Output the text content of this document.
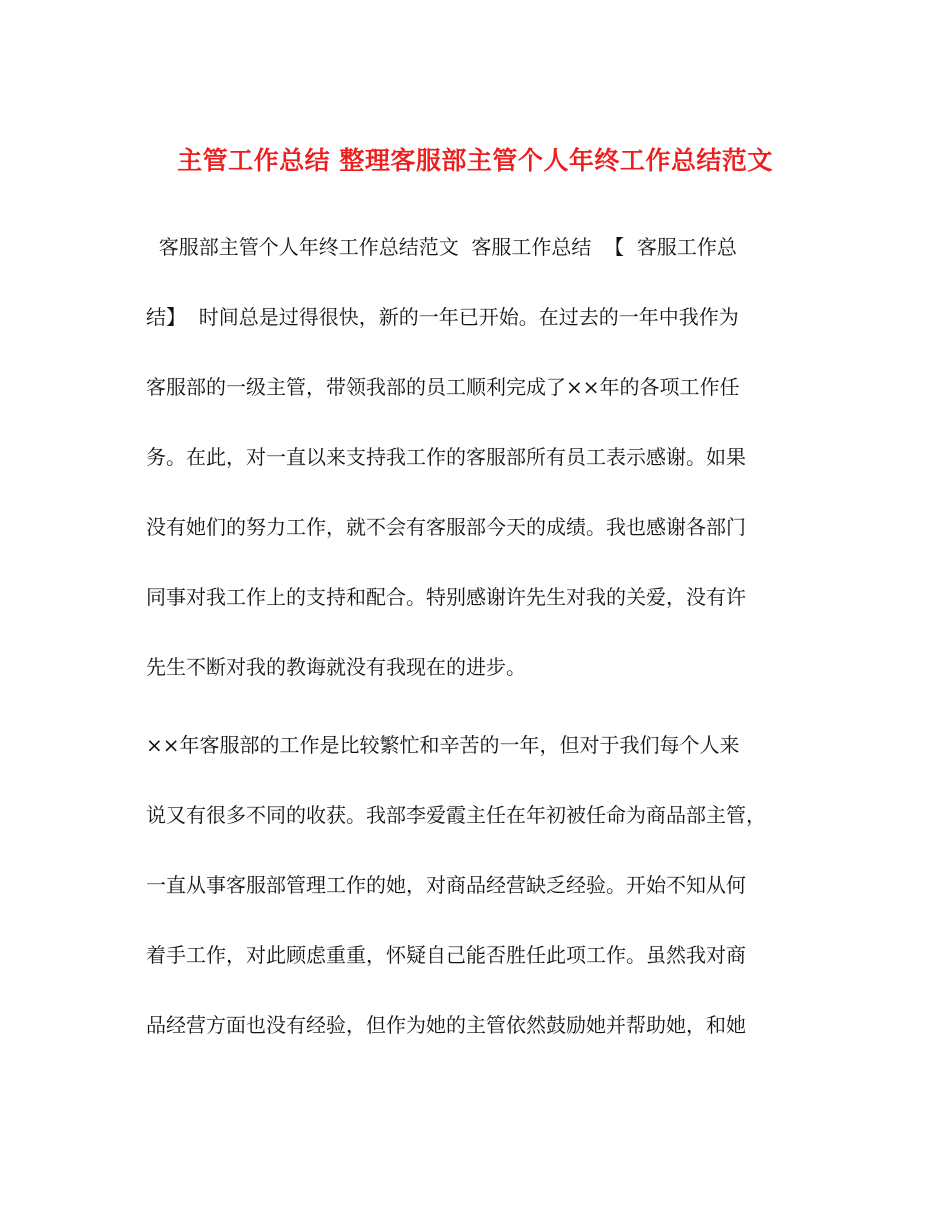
主管工作总结 整理客服部主管个人年终工作总结范文
客服部主管个人年终工作总结范文  客服工作总结  【  客服工作总
结】  时间总是过得很快，新的一年已开始。在过去的一年中我作为
客服部的一级主管，带领我部的员工顺利完成了××年的各项工作任
务。在此，对一直以来支持我工作的客服部所有员工表示感谢。如果
没有她们的努力工作，就不会有客服部今天的成绩。我也感谢各部门
同事对我工作上的支持和配合。特别感谢许先生对我的关爱，没有许
先生不断对我的教诲就没有我现在的进步。
××年客服部的工作是比较繁忙和辛苦的一年，但对于我们每个人来
说又有很多不同的收获。我部李爱霞主任在年初被任命为商品部主管，
一直从事客服部管理工作的她，对商品经营缺乏经验。开始不知从何
着手工作，对此顾虑重重，怀疑自己能否胜任此项工作。虽然我对商
品经营方面也没有经验，但作为她的主管依然鼓励她并帮助她，和她
